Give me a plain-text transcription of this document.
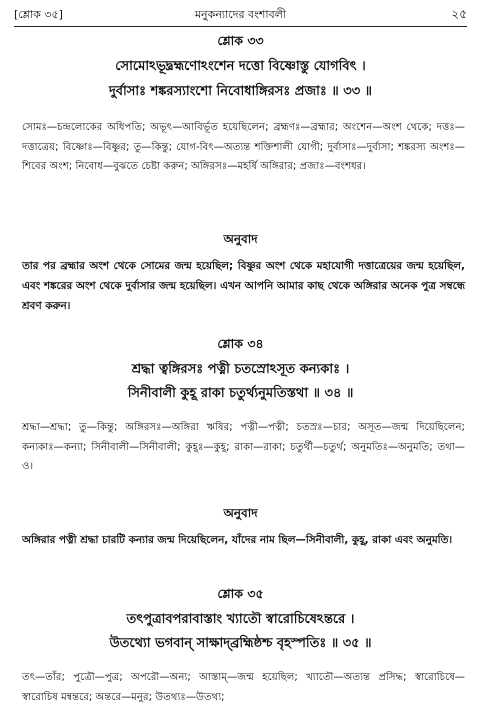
[শ্লোক ৩৫]	মনুকন্যাদের বংশাবলী	২৫
শ্লোক ৩৩
সোমোঽভূদ্ব্রহ্মণোঽংশেন দত্তো বিষ্ণোস্তু যোগবিৎ ।
দুর্বাসাঃ শঙ্করস্যাংশো নিবোধাঙ্গিরসঃ প্রজাঃ ॥ ৩৩ ॥

সোমঃ—চন্দ্রলোকের অধিপতি; অভূৎ—আবির্ভূত হয়েছিলেন; ব্রহ্মণঃ—ব্রহ্মার; অংশেন—অংশ থেকে; দত্তঃ—দত্তাত্রেয়; বিষ্ণোঃ—বিষ্ণুর; তু—কিন্তু; যোগ-বিৎ—অত্যন্ত শক্তিশালী যোগী; দুর্বাসাঃ—দুর্বাসা; শঙ্করস্য অংশঃ—শিবের অংশ; নিবোধ—বুঝতে চেষ্টা করুন; অঙ্গিরসঃ—মহর্ষি অঙ্গিরার; প্রজাঃ—বংশধর।

অনুবাদ

তার পর ব্রহ্মার অংশ থেকে সোমের জন্ম হয়েছিল; বিষ্ণুর অংশ থেকে মহাযোগী দত্তাত্রেয়ের জন্ম হয়েছিল, এবং শঙ্করের অংশ থেকে দুর্বাসার জন্ম হয়েছিল। এখন আপনি আমার কাছ থেকে অঙ্গিরার অনেক পুত্র সম্বন্ধে শ্রবণ করুন।

শ্লোক ৩৪
শ্রদ্ধা ত্বঙ্গিরসঃ পত্নী চতস্রোঽসূত কন্যকাঃ ।
সিনীবালী কুহূ রাকা চতুর্থ্যনুমতিস্তথা ॥ ৩৪ ॥

শ্রদ্ধা—শ্রদ্ধা; তু—কিন্তু; অঙ্গিরসঃ—অঙ্গিরা ঋষির; পত্নী—পত্নী; চতস্রঃ—চার; অসূত—জন্ম দিয়েছিলেন; কন্যকাঃ—কন্যা; সিনীবালী—সিনীবালী; কুহূঃ—কুহূ; রাকা—রাকা; চতুর্থী—চতুর্থ; অনুমতিঃ—অনুমতি; তথা—ও।

অনুবাদ

অঙ্গিরার পত্নী শ্রদ্ধা চারটি কন্যার জন্ম দিয়েছিলেন, যাঁদের নাম ছিল—সিনীবালী, কুহূ, রাকা এবং অনুমতি।

শ্লোক ৩৫
তৎপুত্রাবপরাবাস্তাং খ্যাতৌ স্বারোচিষেঽন্তরে ।
উতথ্যো ভগবান্ সাক্ষাদ্‌ব্রহ্মিষ্ঠশ্চ বৃহস্পতিঃ ॥ ৩৫ ॥

তৎ—তাঁর; পুত্রৌ—পুত্র; অপরৌ—অন্য; আস্তাম্—জন্ম হয়েছিল; খ্যাতৌ—অত্যন্ত প্রসিদ্ধ; স্বারোচিষে—স্বারোচিষ মন্বন্তরে; অন্তরে—মনুর; উতথ্যঃ—উতথ্য;
